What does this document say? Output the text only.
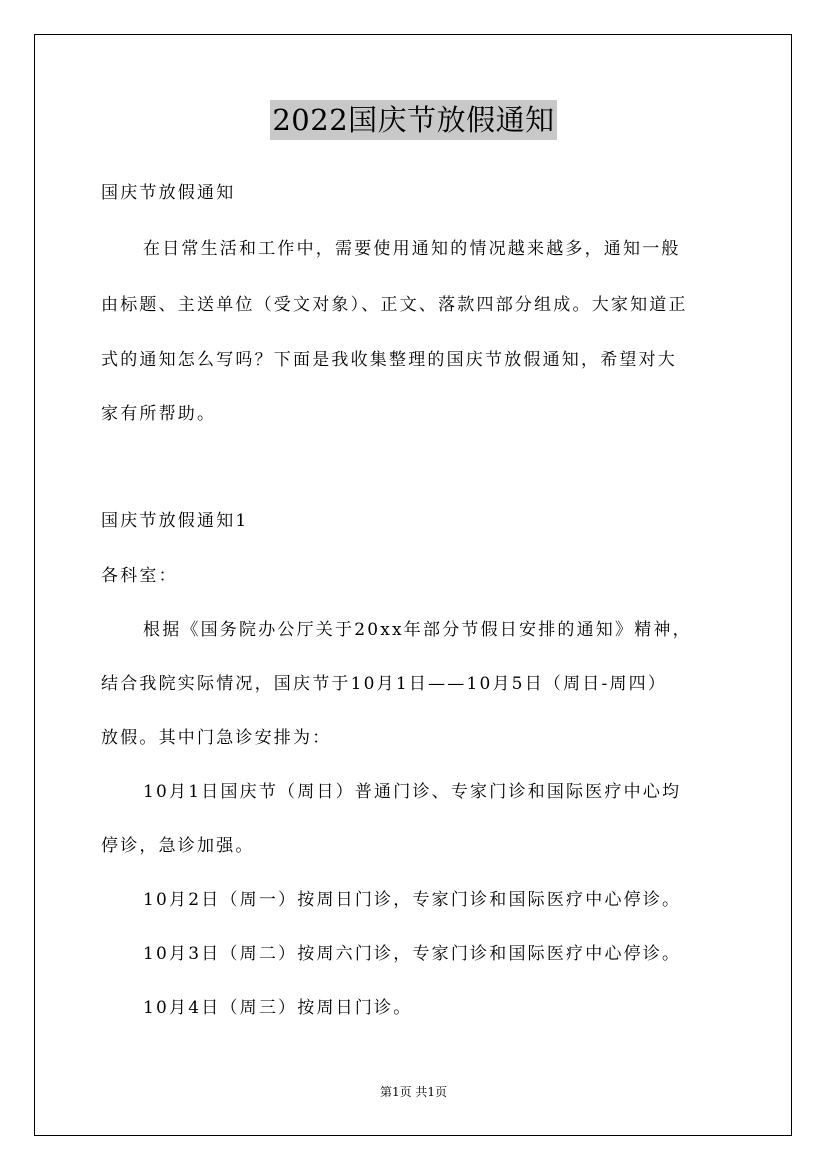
2022国庆节放假通知
国庆节放假通知
在日常生活和工作中，需要使用通知的情况越来越多，通知一般
由标题、主送单位（受文对象）、正文、落款四部分组成。大家知道正
式的通知怎么写吗？下面是我收集整理的国庆节放假通知，希望对大
家有所帮助。
国庆节放假通知1
各科室：
根据《国务院办公厅关于20xx年部分节假日安排的通知》精神，
结合我院实际情况，国庆节于10月1日——10月5日（周日-周四）
放假。其中门急诊安排为：
10月1日国庆节（周日）普通门诊、专家门诊和国际医疗中心均
停诊，急诊加强。
10月2日（周一）按周日门诊，专家门诊和国际医疗中心停诊。
10月3日（周二）按周六门诊，专家门诊和国际医疗中心停诊。
10月4日（周三）按周日门诊。
第1页 共1页
